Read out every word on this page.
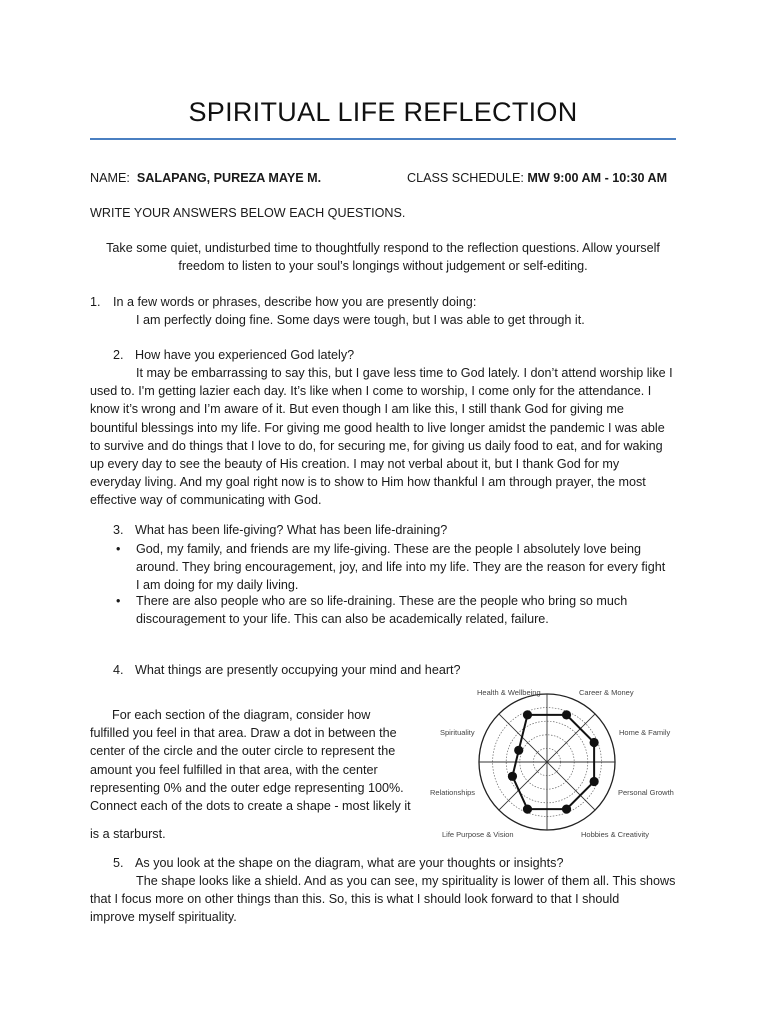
SPIRITUAL LIFE REFLECTION
NAME: SALAPANG, PUREZA MAYE M.	CLASS SCHEDULE: MW 9:00 AM - 10:30 AM
WRITE YOUR ANSWERS BELOW EACH QUESTIONS.
Take some quiet, undisturbed time to thoughtfully respond to the reflection questions. Allow yourself
freedom to listen to your soul’s longings without judgement or self-editing.
1. In a few words or phrases, describe how you are presently doing:
I am perfectly doing fine. Some days were tough, but I was able to get through it.
2. How have you experienced God lately?
It may be embarrassing to say this, but I gave less time to God lately. I don’t attend worship like I
used to. I'm getting lazier each day. It’s like when I come to worship, I come only for the attendance. I
know it’s wrong and I’m aware of it. But even though I am like this, I still thank God for giving me
bountiful blessings into my life. For giving me good health to live longer amidst the pandemic I was able
to survive and do things that I love to do, for securing me, for giving us daily food to eat, and for waking
up every day to see the beauty of His creation. I may not verbal about it, but I thank God for my
everyday living. And my goal right now is to show to Him how thankful I am through prayer, the most
effective way of communicating with God.
3. What has been life-giving? What has been life-draining?
• God, my family, and friends are my life-giving. These are the people I absolutely love being
around. They bring encouragement, joy, and life into my life. They are the reason for every fight
I am doing for my daily living.
• There are also people who are so life-draining. These are the people who bring so much
discouragement to your life. This can also be academically related, failure.
4. What things are presently occupying your mind and heart?
For each section of the diagram, consider how
fulfilled you feel in that area. Draw a dot in between the
center of the circle and the outer circle to represent the
amount you feel fulfilled in that area, with the center
representing 0% and the outer edge representing 100%.
Connect each of the dots to create a shape - most likely it
is a starburst.
5. As you look at the shape on the diagram, what are your thoughts or insights?
The shape looks like a shield. And as you can see, my spirituality is lower of them all. This shows
that I focus more on other things than this. So, this is what I should look forward to that I should
improve myself spirituality.
Health & Wellbeing	Career & Money
Home & Family
Personal Growth
Hobbies & Creativity
Life Purpose & Vision
Relationships
Spirituality
